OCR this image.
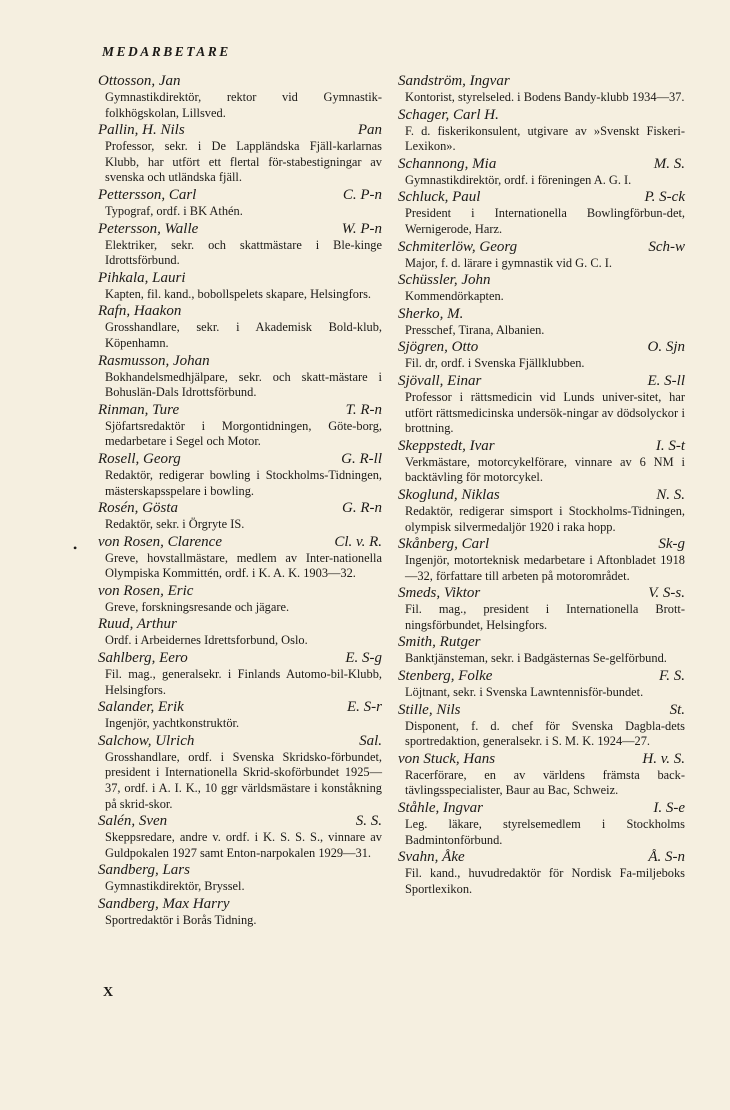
MEDARBETARE
Ottosson, Jan
Gymnastikdirektör, rektor vid Gymnastik-folkhögskolan, Lillsved.
Pallin, H. Nils	Pan
Professor, sekr. i De Lappländska Fjäll-karlarnas Klubb, har utfört ett flertal för-stabestigningar av svenska och utländska fjäll.
Pettersson, Carl	C. P-n
Typograf, ordf. i BK Athén.
Petersson, Walle	W. P-n
Elektriker, sekr. och skattmästare i Ble-kinge Idrottsförbund.
Pihkala, Lauri
Kapten, fil. kand., bobollspelets skapare, Helsingfors.
Rafn, Haakon
Grosshandlare, sekr. i Akademisk Bold-klub, Köpenhamn.
Rasmusson, Johan
Bokhandelsmedhjälpare, sekr. och skatt-mästare i Bohuslän-Dals Idrottsförbund.
Rinman, Ture	T. R-n
Sjöfartsredaktör i Morgontidningen, Göte-borg, medarbetare i Segel och Motor.
Rosell, Georg	G. R-ll
Redaktör, redigerar bowling i Stockholms-Tidningen, mästerskapsspelare i bowling.
Rosén, Gösta	G. R-n
Redaktör, sekr. i Örgryte IS.
von Rosen, Clarence	Cl. v. R.
Greve, hovstallmästare, medlem av Inter-nationella Olympiska Kommittén, ordf. i K. A. K. 1903—32.
von Rosen, Eric
Greve, forskningsresande och jägare.
Ruud, Arthur
Ordf. i Arbeidernes Idrettsforbund, Oslo.
Sahlberg, Eero	E. S-g
Fil. mag., generalsekr. i Finlands Automo-bil-Klubb, Helsingfors.
Salander, Erik	E. S-r
Ingenjör, yachtkonstruktör.
Salchow, Ulrich	Sal.
Grosshandlare, ordf. i Svenska Skridsko-förbundet, president i Internationella Skrid-skoförbundet 1925—37, ordf. i A. I. K., 10 ggr världsmästare i konståkning på skrid-skor.
Salén, Sven	S. S.
Skeppsredare, andre v. ordf. i K. S. S. S., vinnare av Guldpokalen 1927 samt Enton-narpokalen 1929—31.
Sandberg, Lars
Gymnastikdirektör, Bryssel.
Sandberg, Max Harry
Sportredaktör i Borås Tidning.
Sandström, Ingvar
Kontorist, styrelseled. i Bodens Bandy-klubb 1934—37.
Schager, Carl H.
F. d. fiskerikonsulent, utgivare av »Svenskt Fiskeri-Lexikon».
Schannong, Mia	M. S.
Gymnastikdirektör, ordf. i föreningen A. G. I.
Schluck, Paul	P. S-ck
President i Internationella Bowlingförbun-det, Wernigerode, Harz.
Schmiterlöw, Georg	Sch-w
Major, f. d. lärare i gymnastik vid G. C. I.
Schüssler, John
Kommendörkapten.
Sherko, M.
Presschef, Tirana, Albanien.
Sjögren, Otto	O. Sjn
Fil. dr, ordf. i Svenska Fjällklubben.
Sjövall, Einar	E. S-ll
Professor i rättsmedicin vid Lunds univer-sitet, har utfört rättsmedicinska undersök-ningar av dödsolyckor i brottning.
Skeppstedt, Ivar	I. S-t
Verkmästare, motorcykelförare, vinnare av 6 NM i backtävling för motorcykel.
Skoglund, Niklas	N. S.
Redaktör, redigerar simsport i Stockholms-Tidningen, olympisk silvermedaljör 1920 i raka hopp.
Skånberg, Carl	Sk-g
Ingenjör, motorteknisk medarbetare i Aftonbladet 1918—32, författare till arbeten på motorområdet.
Smeds, Viktor	V. S-s.
Fil. mag., president i Internationella Brott-ningsförbundet, Helsingfors.
Smith, Rutger
Banktjänsteman, sekr. i Badgästernas Se-gelförbund.
Stenberg, Folke	F. S.
Löjtnant, sekr. i Svenska Lawntennisför-bundet.
Stille, Nils	St.
Disponent, f. d. chef för Svenska Dagbla-dets sportredaktion, generalsekr. i S. M. K. 1924—27.
von Stuck, Hans	H. v. S.
Racerförare, en av världens främsta back-tävlingsspecialister, Baur au Bac, Schweiz.
Ståhle, Ingvar	I. S-e
Leg. läkare, styrelsemedlem i Stockholms Badmintonförbund.
Svahn, Åke	Å. S-n
Fil. kand., huvudredaktör för Nordisk Fa-miljeboks Sportlexikon.
•
X
